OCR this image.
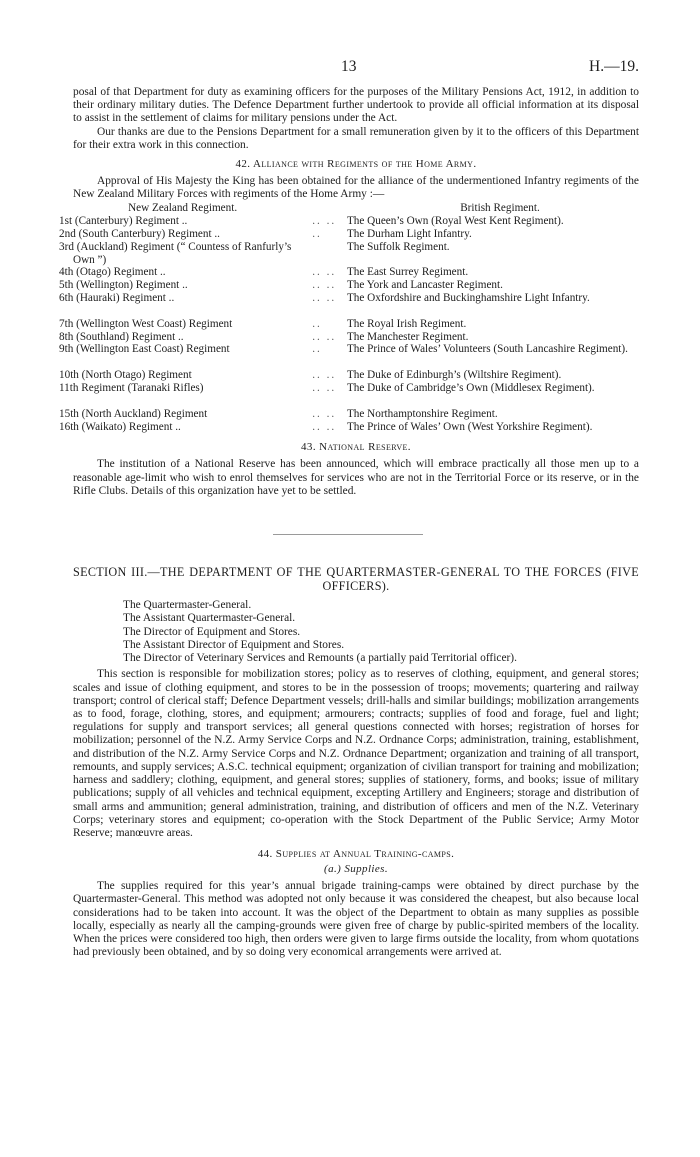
13	H.—19.

posal of that Department for duty as examining officers for the purposes of the Military Pensions Act, 1912, in addition to their ordinary military duties. The Defence Department further undertook to provide all official information at its disposal to assist in the settlement of claims for military pensions under the Act.

Our thanks are due to the Pensions Department for a small remuneration given by it to the officers of this Department for their extra work in this connection.

42. Alliance with Regiments of the Home Army.

Approval of His Majesty the King has been obtained for the alliance of the undermentioned Infantry regiments of the New Zealand Military Forces with regiments of the Home Army :—

New Zealand Regiment.		British Regiment.
1st (Canterbury) Regiment ..	.. ..	The Queen’s Own (Royal West Kent Regiment).
2nd (South Canterbury) Regiment ..	..	The Durham Light Infantry.
3rd (Auckland) Regiment (“ Countess of Ranfurly’s Own ”)		The Suffolk Regiment.
4th (Otago) Regiment ..	.. ..	The East Surrey Regiment.
5th (Wellington) Regiment ..	.. ..	The York and Lancaster Regiment.
6th (Hauraki) Regiment ..	.. ..	The Oxfordshire and Buckinghamshire Light Infantry.
7th (Wellington West Coast) Regiment	..	The Royal Irish Regiment.
8th (Southland) Regiment ..	.. ..	The Manchester Regiment.
9th (Wellington East Coast) Regiment	..	The Prince of Wales’ Volunteers (South Lancashire Regiment).
10th (North Otago) Regiment	.. ..	The Duke of Edinburgh’s (Wiltshire Regiment).
11th Regiment (Taranaki Rifles)	.. ..	The Duke of Cambridge’s Own (Middlesex Regiment).
15th (North Auckland) Regiment	.. ..	The Northamptonshire Regiment.
16th (Waikato) Regiment ..	.. ..	The Prince of Wales’ Own (West Yorkshire Regiment).

43. National Reserve.

The institution of a National Reserve has been announced, which will embrace practically all those men up to a reasonable age-limit who wish to enrol themselves for services who are not in the Territorial Force or its reserve, or in the Rifle Clubs. Details of this organization have yet to be settled.

SECTION III.—THE DEPARTMENT OF THE QUARTERMASTER-GENERAL TO THE FORCES (FIVE OFFICERS).

The Quartermaster-General.
The Assistant Quartermaster-General.
The Director of Equipment and Stores.
The Assistant Director of Equipment and Stores.
The Director of Veterinary Services and Remounts (a partially paid Territorial officer).

This section is responsible for mobilization stores; policy as to reserves of clothing, equipment, and general stores; scales and issue of clothing equipment, and stores to be in the possession of troops; movements; quartering and railway transport; control of clerical staff; Defence Department vessels; drill-halls and similar buildings; mobilization arrangements as to food, forage, clothing, stores, and equipment; armourers; contracts; supplies of food and forage, fuel and light; regulations for supply and transport services; all general questions connected with horses; registration of horses for mobilization; personnel of the N.Z. Army Service Corps and N.Z. Ordnance Corps; administration, training, establishment, and distribution of the N.Z. Army Service Corps and N.Z. Ordnance Department; organization and training of all transport, remounts, and supply services; A.S.C. technical equipment; organization of civilian transport for training and mobilization; harness and saddlery; clothing, equipment, and general stores; supplies of stationery, forms, and books; issue of military publications; supply of all vehicles and technical equipment, excepting Artillery and Engineers; storage and distribution of small arms and ammunition; general administration, training, and distribution of officers and men of the N.Z. Veterinary Corps; veterinary stores and equipment; co-operation with the Stock Department of the Public Service; Army Motor Reserve; manœuvre areas.

44. Supplies at Annual Training-camps.

(a.) Supplies.

The supplies required for this year’s annual brigade training-camps were obtained by direct purchase by the Quartermaster-General. This method was adopted not only because it was considered the cheapest, but also because local considerations had to be taken into account. It was the object of the Department to obtain as many supplies as possible locally, especially as nearly all the camping-grounds were given free of charge by public-spirited members of the locality. When the prices were considered too high, then orders were given to large firms outside the locality, from whom quotations had previously been obtained, and by so doing very economical arrangements were arrived at.
